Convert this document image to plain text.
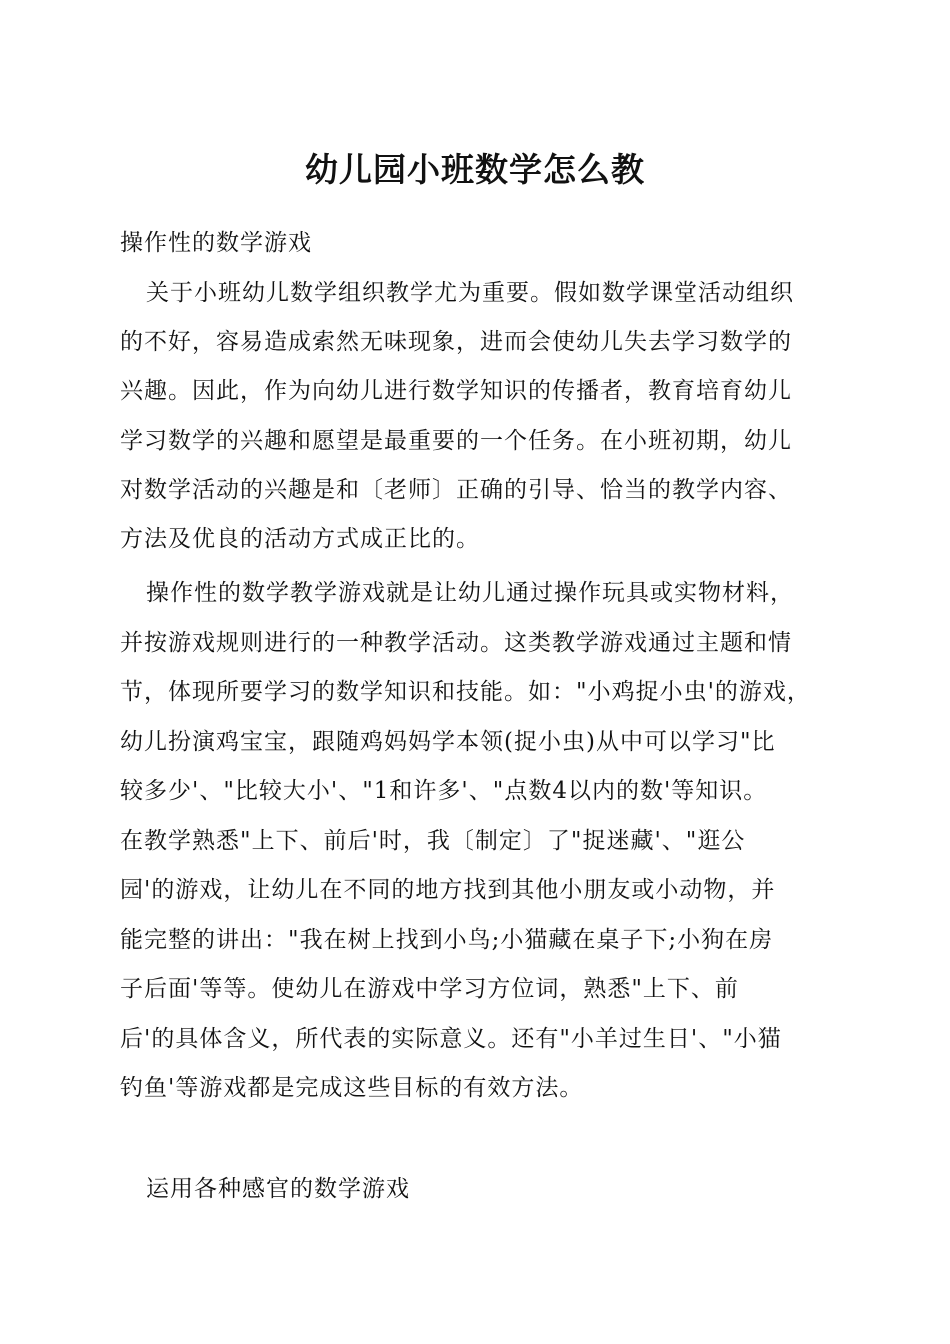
幼儿园小班数学怎么教
操作性的数学游戏
关于小班幼儿数学组织教学尤为重要。假如数学课堂活动组织
的不好，容易造成索然无味现象，进而会使幼儿失去学习数学的
兴趣。因此，作为向幼儿进行数学知识的传播者，教育培育幼儿
学习数学的兴趣和愿望是最重要的一个任务。在小班初期，幼儿
对数学活动的兴趣是和〔老师〕正确的引导、恰当的教学内容、
方法及优良的活动方式成正比的。
操作性的数学教学游戏就是让幼儿通过操作玩具或实物材料，
并按游戏规则进行的一种教学活动。这类教学游戏通过主题和情
节，体现所要学习的数学知识和技能。如："小鸡捉小虫'的游戏，
幼儿扮演鸡宝宝，跟随鸡妈妈学本领(捉小虫)从中可以学习"比
较多少'、"比较大小'、"1和许多'、"点数4以内的数'等知识。
在教学熟悉"上下、前后'时，我〔制定〕了"捉迷藏'、"逛公
园'的游戏，让幼儿在不同的地方找到其他小朋友或小动物，并
能完整的讲出："我在树上找到小鸟;小猫藏在桌子下;小狗在房
子后面'等等。使幼儿在游戏中学习方位词，熟悉"上下、前
后'的具体含义，所代表的实际意义。还有"小羊过生日'、"小猫
钓鱼'等游戏都是完成这些目标的有效方法。
运用各种感官的数学游戏
